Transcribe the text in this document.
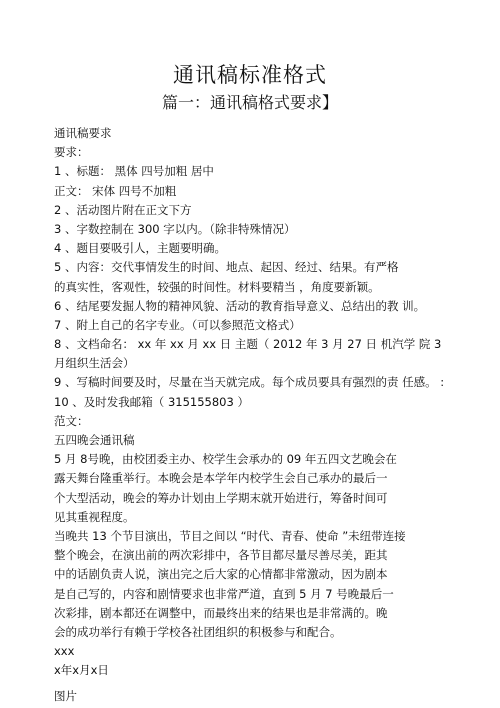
通讯稿标准格式
篇一：通讯稿格式要求】
通讯稿要求
要求：
1 、标题： 黑体 四号加粗 居中
正文： 宋体 四号不加粗
2 、活动图片附在正文下方
3 、字数控制在 300 字以内。（除非特殊情况）
4 、题目要吸引人，主题要明确。
5 、内容：交代事情发生的时间、地点、起因、经过、结果。有严格
的真实性，客观性，较强的时间性。材料要精当 ，角度要新颖。
6 、结尾要发掘人物的精神风貌、活动的教育指导意义、总结出的教 训。
7 、附上自己的名字专业。（可以参照范文格式）
8 、文档命名： xx 年 xx 月 xx 日 主题（ 2012 年 3 月 27 日 机汽学 院 3
月组织生活会）
9 、写稿时间要及时，尽量在当天就完成。每个成员要具有强烈的责 任感。 :
10 、及时发我邮箱（ 315155803 ）
范文：
五四晚会通讯稿
5 月 8号晚，由校团委主办、校学生会承办的 09 年五四文艺晚会在
露天舞台隆重举行。本晚会是本学年内校学生会自己承办的最后一
个大型活动，晚会的筹办计划由上学期末就开始进行，筹备时间可
见其重视程度。
当晚共 13 个节目演出，节目之间以 “时代、青春、使命 ”未纽带连接
整个晚会，在演出前的两次彩排中，各节目都尽量尽善尽美，距其
中的话剧负责人说，演出完之后大家的心情都非常激动，因为剧本
是自己写的，内容和剧情要求也非常严道，直到 5 月 7 号晚最后一
次彩排，剧本都还在调整中，而最终出来的结果也是非常满的。晚
会的成功举行有赖于学校各社团组织的积极参与和配合。
xxx
x年x月x日
图片
